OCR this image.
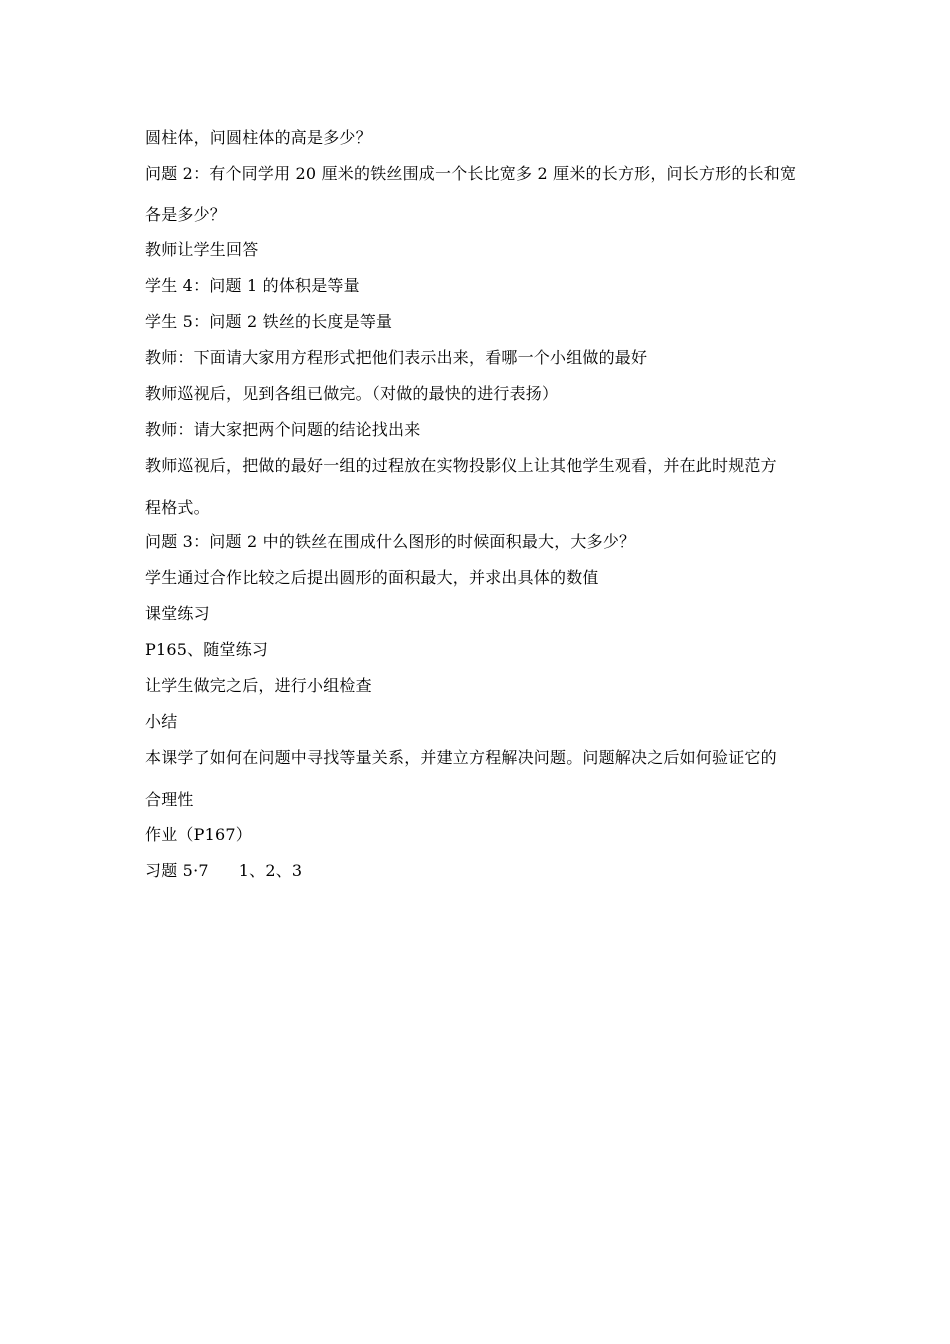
圆柱体，问圆柱体的高是多少？
问题 2：有个同学用 20 厘米的铁丝围成一个长比宽多 2 厘米的长方形，问长方形的长和宽
各是多少？
教师让学生回答
学生 4：问题 1 的体积是等量
学生 5：问题 2 铁丝的长度是等量
教师：下面请大家用方程形式把他们表示出来，看哪一个小组做的最好
教师巡视后，见到各组已做完。（对做的最快的进行表扬）
教师：请大家把两个问题的结论找出来
教师巡视后，把做的最好一组的过程放在实物投影仪上让其他学生观看，并在此时规范方
程格式。
问题 3：问题 2 中的铁丝在围成什么图形的时候面积最大，大多少？
学生通过合作比较之后提出圆形的面积最大，并求出具体的数值
课堂练习
P165、随堂练习
让学生做完之后，进行小组检查
小结
本课学了如何在问题中寻找等量关系，并建立方程解决问题。问题解决之后如何验证它的
合理性
作业（P167）
习题 5·7 1、2、3
